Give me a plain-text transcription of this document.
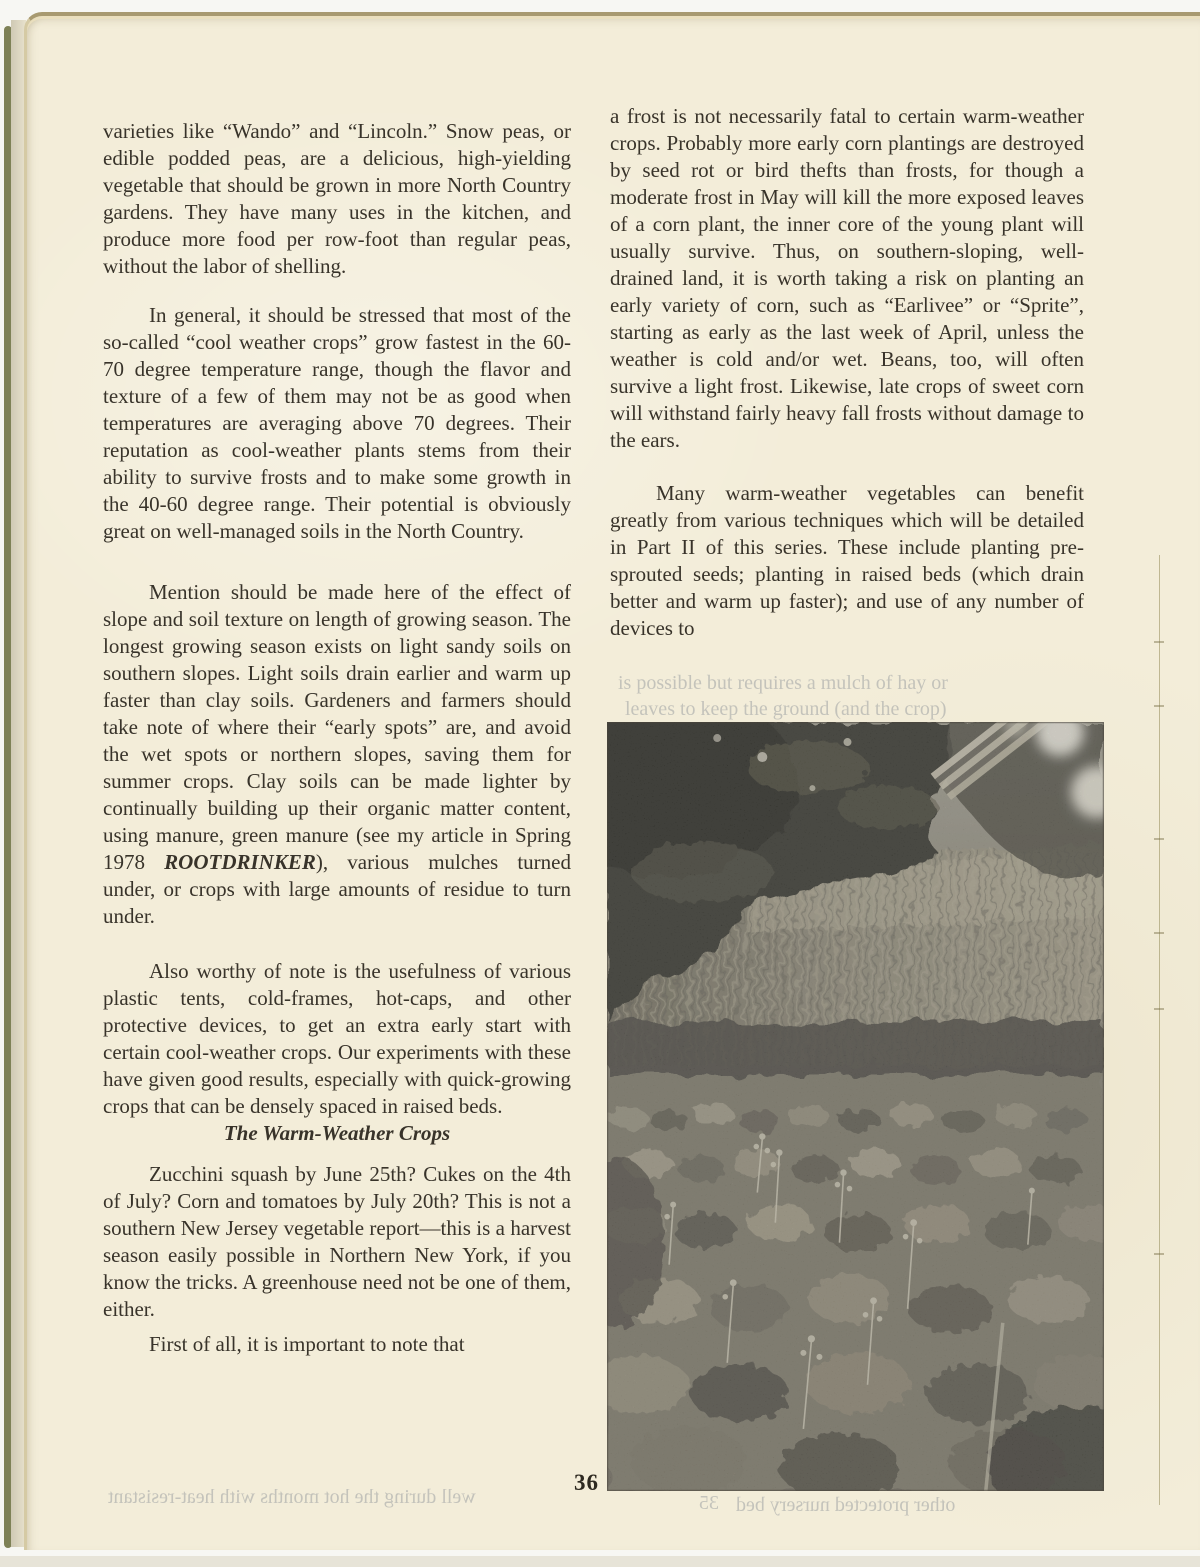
is possible but requires a mulch of hay or
leaves to keep the ground (and the crop)
well during the hot months with heat-resistant	35 other protected nursery bed

varieties like “Wando” and “Lincoln.” Snow peas, or edible podded peas, are a delicious, high-yielding vegetable that should be grown in more North Country gardens. They have many uses in the kitchen, and produce more food per row-foot than regular peas, without the labor of shelling.

In general, it should be stressed that most of the so-called “cool weather crops” grow fastest in the 60-70 degree temperature range, though the flavor and texture of a few of them may not be as good when temperatures are averaging above 70 degrees. Their reputation as cool-weather plants stems from their ability to survive frosts and to make some growth in the 40-60 degree range. Their potential is obviously great on well-managed soils in the North Country.

Mention should be made here of the effect of slope and soil texture on length of growing season. The longest growing season exists on light sandy soils on southern slopes. Light soils drain earlier and warm up faster than clay soils. Gardeners and farmers should take note of where their “early spots” are, and avoid the wet spots or northern slopes, saving them for summer crops. Clay soils can be made lighter by continually building up their organic matter content, using manure, green manure (see my article in Spring 1978 ROOTDRINKER), various mulches turned under, or crops with large amounts of residue to turn under.

Also worthy of note is the usefulness of various plastic tents, cold-frames, hot-caps, and other protective devices, to get an extra early start with certain cool-weather crops. Our experiments with these have given good results, especially with quick-growing crops that can be densely spaced in raised beds.

The Warm-Weather Crops

Zucchini squash by June 25th? Cukes on the 4th of July? Corn and tomatoes by July 20th? This is not a southern New Jersey vegetable report—this is a harvest season easily possible in Northern New York, if you know the tricks. A greenhouse need not be one of them, either.

First of all, it is important to note that

a frost is not necessarily fatal to certain warm-weather crops. Probably more early corn plantings are destroyed by seed rot or bird thefts than frosts, for though a moderate frost in May will kill the more exposed leaves of a corn plant, the inner core of the young plant will usually survive. Thus, on southern-sloping, well-drained land, it is worth taking a risk on planting an early variety of corn, such as “Earlivee” or “Sprite”, starting as early as the last week of April, unless the weather is cold and/or wet. Beans, too, will often survive a light frost. Likewise, late crops of sweet corn will withstand fairly heavy fall frosts without damage to the ears.

Many warm-weather vegetables can benefit greatly from various techniques which will be detailed in Part II of this series. These include planting pre-sprouted seeds; planting in raised beds (which drain better and warm up faster); and use of any number of devices to

36
